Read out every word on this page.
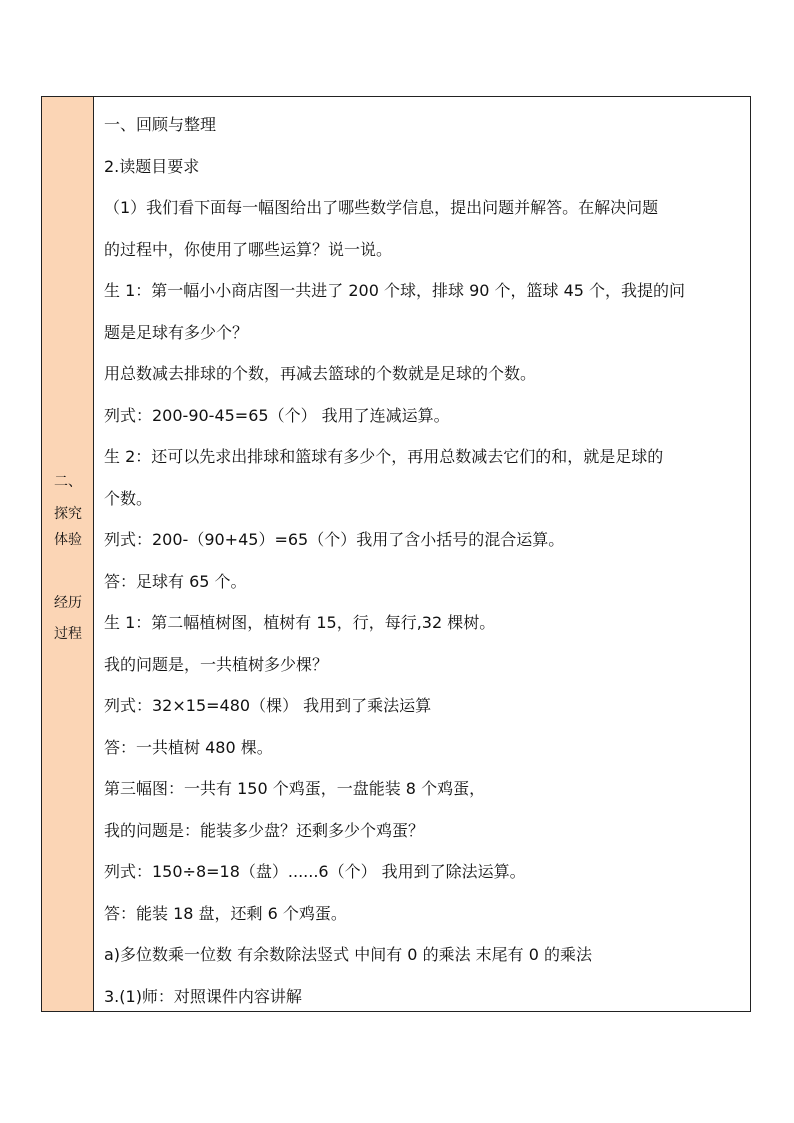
二、
探究
体验
经历
过程
一、回顾与整理
2.读题目要求
（1）我们看下面每一幅图给出了哪些数学信息，提出问题并解答。在解决问题
的过程中，你使用了哪些运算？说一说。
生 1：第一幅小小商店图一共进了 200 个球，排球 90 个，篮球 45 个，我提的问
题是足球有多少个？
用总数减去排球的个数，再减去篮球的个数就是足球的个数。
列式：200-90-45=65（个） 我用了连减运算。
生 2：还可以先求出排球和篮球有多少个，再用总数减去它们的和，就是足球的
个数。
列式：200-（90+45）=65（个）我用了含小括号的混合运算。
答：足球有 65 个。
生 1：第二幅植树图，植树有 15，行，每行,32 棵树。
我的问题是，一共植树多少棵？
列式：32×15=480（棵） 我用到了乘法运算
答：一共植树 480 棵。
第三幅图：一共有 150 个鸡蛋，一盘能装 8 个鸡蛋，
我的问题是：能装多少盘？还剩多少个鸡蛋？
列式：150÷8=18（盘）......6（个） 我用到了除法运算。
答：能装 18 盘，还剩 6 个鸡蛋。
a)多位数乘一位数 有余数除法竖式 中间有 0 的乘法 末尾有 0 的乘法
3.(1)师：对照课件内容讲解
